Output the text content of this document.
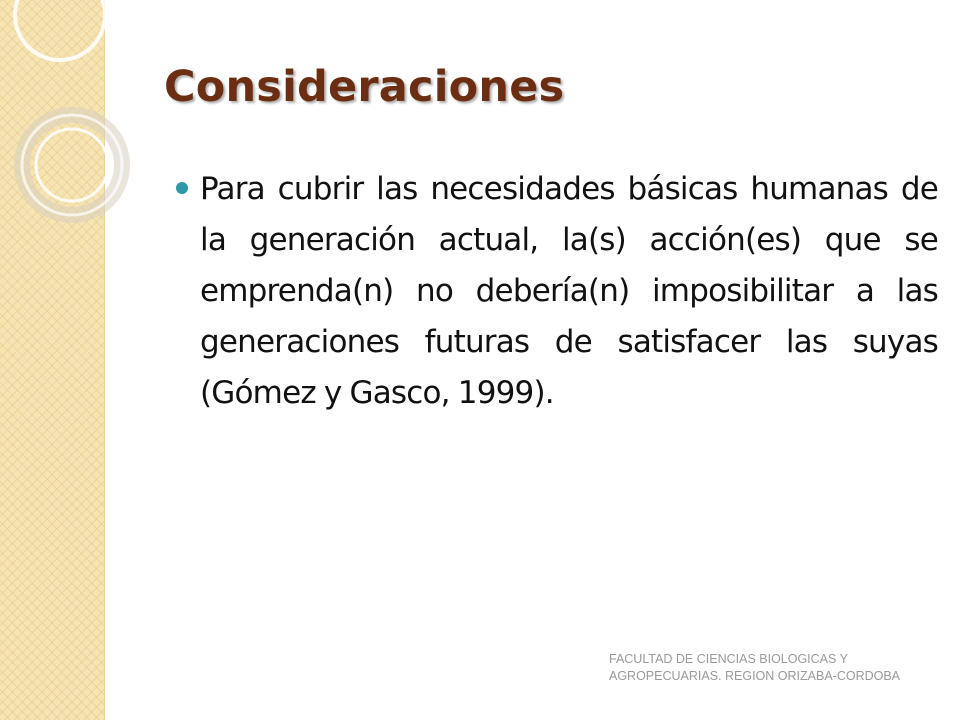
Consideraciones
Para cubrir las necesidades básicas humanas de la generación actual, la(s) acción(es) que se emprenda(n) no debería(n) imposibilitar a las generaciones futuras de satisfacer las suyas (Gómez y Gasco, 1999).
FACULTAD DE CIENCIAS BIOLOGICAS Y AGROPECUARIAS. REGION ORIZABA-CORDOBA
